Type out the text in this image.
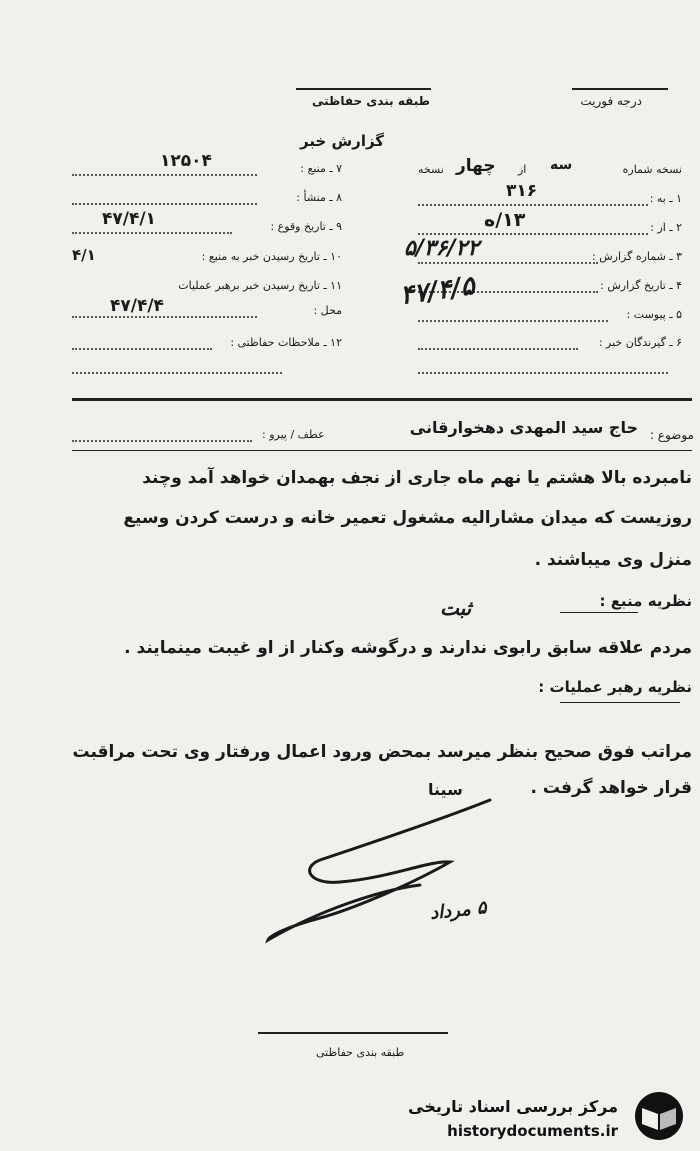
درجه فوریت
طبقه بندی حفاظتی
گزارش خبر
نسخه شماره
سه
از
چهار
نسخه
۱ ـ به :
۳۱۶
۲ ـ از :
۱۳/ه
۳ ـ شماره گزارش :
۵/۳۶/۲۲
۴ ـ تاریخ گزارش :
۴۷/۴/۵
۵ ـ پیوست :
۶ ـ گیرندگان خبر :
۷ ـ منبع :
۱۲۵۰۴
۸ ـ منشأ :
۹ ـ تاریخ وقوع :
۴۷/۴/۱
۱۰ ـ تاریخ رسیدن خبر به منبع :
۴/۱
۱۱ ـ تاریخ رسیدن خبر برهبر عملیات
محل :
۴۷/۴/۴
۱۲ ـ ملاحظات حفاظتی :
موضوع :
حاج سید المهدی دهخوارقانی
عطف / پیرو :
نامبرده بالا هشتم یا نهم ماه جاری از نجف بهمدان خواهد آمد وچند
روزیست که میدان مشارالیه مشغول تعمیر خانه و درست کردن وسیع
منزل وی میباشند .
نظریه منبع :
ثبت
مردم علاقه سابق رابوی ندارند و درگوشه وکنار از او غیبت مینمایند .
نظریه رهبر عملیات :
مراتب فوق صحیح بنظر میرسد بمحض ورود اعمال ورفتار وی تحت مراقبت
قرار خواهد گرفت .
سینا
۵ مرداد
طبقه بندی حفاظتی
مرکز بررسی اسناد تاریخی
historydocuments.ir
